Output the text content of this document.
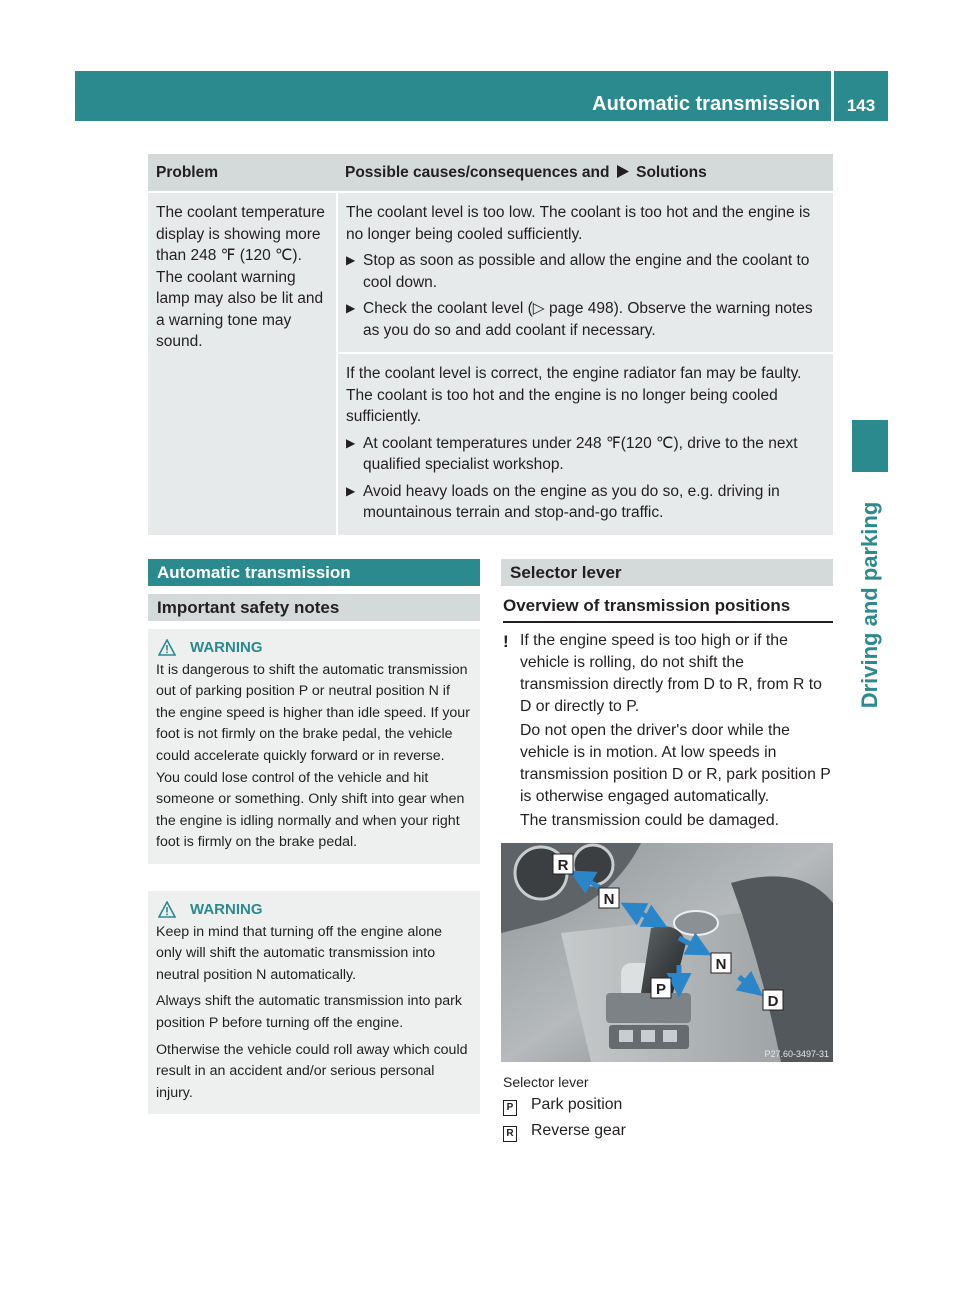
Automatic transmission	143
Driving and parking
Problem	Possible causes/consequences and Solutions
The coolant temperature display is showing more than 248 ℉ (120 ℃). The coolant warning lamp may also be lit and a warning tone may sound.	The coolant level is too low. The coolant is too hot and the engine is no longer being cooled sufficiently.

▶ Stop as soon as possible and allow the engine and the coolant to cool down.
▶ Check the coolant level (▷ page 498). Observe the warning notes as you do so and add coolant if necessary.

	If the coolant level is correct, the engine radiator fan may be faulty. The coolant is too hot and the engine is no longer being cooled sufficiently.

▶ At coolant temperatures under 248 ℉(120 ℃), drive to the next qualified specialist workshop.
▶ Avoid heavy loads on the engine as you do so, e.g. driving in mountainous terrain and stop-and-go traffic.
Automatic transmission
Important safety notes
WARNING

It is dangerous to shift the automatic transmission out of parking position P or neutral position N if the engine speed is higher than idle speed. If your foot is not firmly on the brake pedal, the vehicle could accelerate quickly forward or in reverse. You could lose control of the vehicle and hit someone or something. Only shift into gear when the engine is idling normally and when your right foot is firmly on the brake pedal.

WARNING

Keep in mind that turning off the engine alone only will shift the automatic transmission into neutral position N automatically.

Always shift the automatic transmission into park position P before turning off the engine.

Otherwise the vehicle could roll away which could result in an accident and/or serious personal injury.

Selector lever
Overview of transmission positions
! If the engine speed is too high or if the vehicle is rolling, do not shift the transmission directly from D to R, from R to D or directly to P.

Do not open the driver's door while the vehicle is in motion. At low speeds in transmission position D or R, park position P is otherwise engaged automatically.

The transmission could be damaged.

R
N
N
P
D
P27.60-3497-31
Selector lever
P Park position
R Reverse gear
